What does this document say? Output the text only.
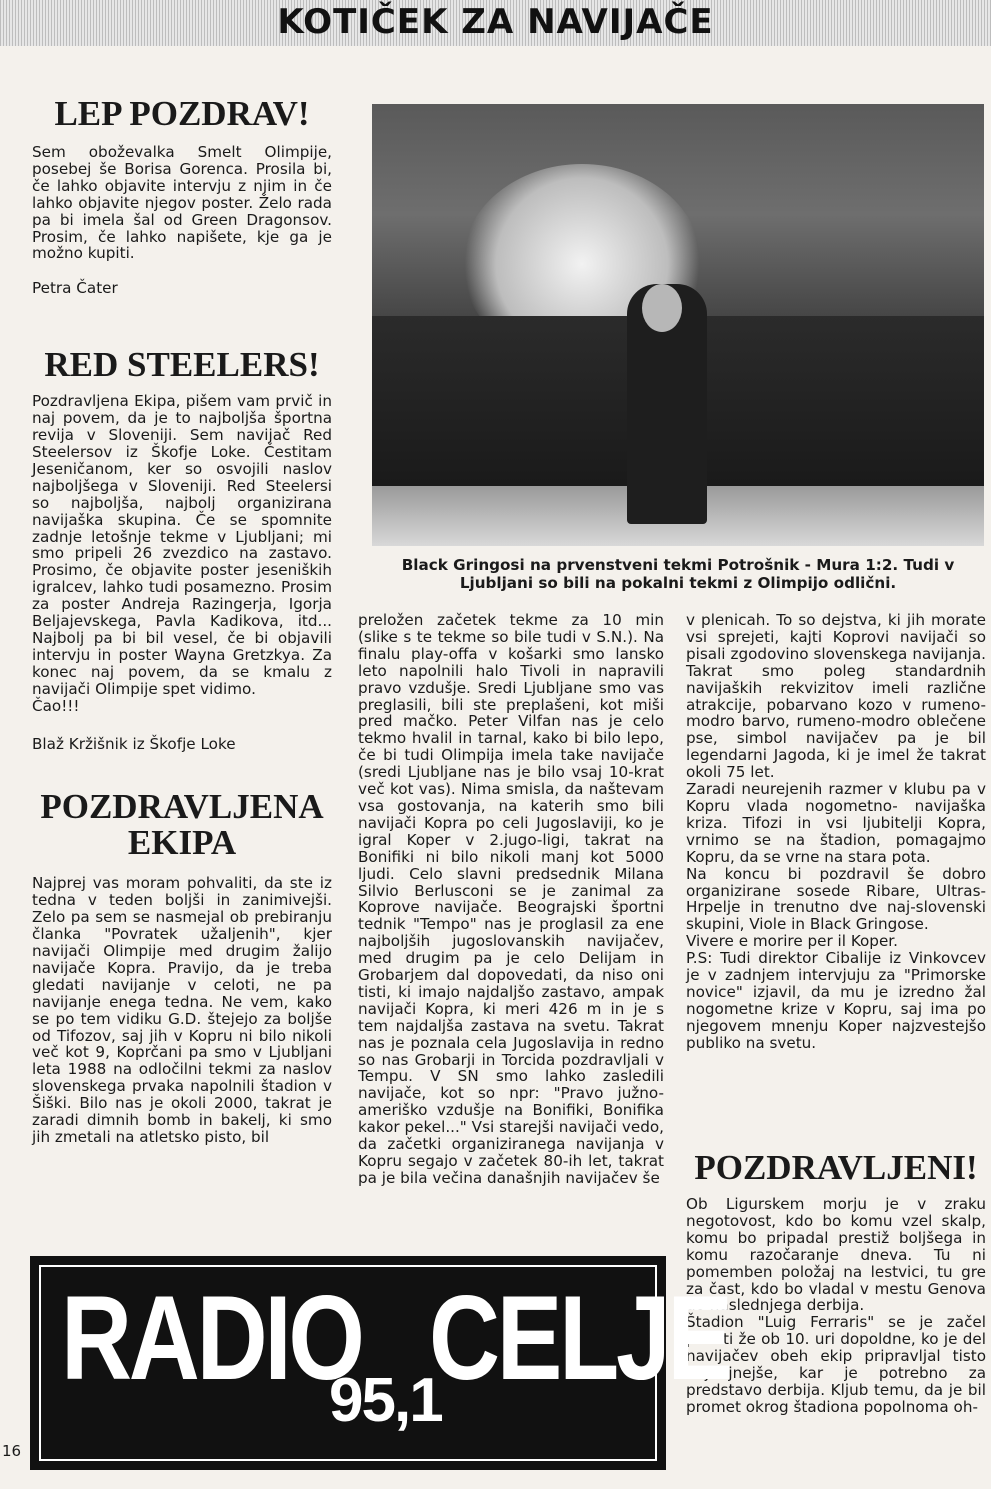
KOTIČEK ZA NAVIJAČE
LEP POZDRAV!

Sem oboževalka Smelt Olimpije, posebej še Borisa Gorenca. Prosila bi, če lahko objavite intervju z njim in če lahko objavite njegov poster. Želo rada pa bi imela šal od Green Dragonsov. Prosim, če lahko napišete, kje ga je možno kupiti.

Petra Čater

RED STEELERS!

Pozdravljena Ekipa, pišem vam prvič in naj povem, da je to najboljša športna revija v Sloveniji. Sem navijač Red Steelersov iz Škofje Loke. Čestitam Jeseničanom, ker so osvojili naslov najboljšega v Sloveniji. Red Steelersi so najboljša, najbolj organizirana navijaška skupina. Če se spomnite zadnje letošnje tekme v Ljubljani; mi smo pripeli 26 zvezdico na zastavo. Prosimo, če objavite poster jeseniških igralcev, lahko tudi posamezno. Prosim za poster Andreja Razingerja, Igorja Beljajevskega, Pavla Kadikova, itd... Najbolj pa bi bil vesel, če bi objavili intervju in poster Wayna Gretzkya. Za konec naj povem, da se kmalu z navijači Olimpije spet vidimo.

Čao!!!

Blaž Kržišnik iz Škofje Loke

POZDRAVLJENA
EKIPA

Najprej vas moram pohvaliti, da ste iz tedna v teden boljši in zanimivejši. Zelo pa sem se nasmejal ob prebiranju članka "Povratek užaljenih", kjer navijači Olimpije med drugim žalijo navijače Kopra. Pravijo, da je treba gledati navijanje v celoti, ne pa navijanje enega tedna. Ne vem, kako se po tem vidiku G.D. štejejo za boljše od Tifozov, saj jih v Kopru ni bilo nikoli več kot 9, Koprčani pa smo v Ljubljani leta 1988 na odločilni tekmi za naslov slovenskega prvaka napolnili štadion v Šiški. Bilo nas je okoli 2000, takrat je zaradi dimnih bomb in bakelj, ki smo jih zmetali na atletsko pisto, bil

Black Gringosi na prvenstveni tekmi Potrošnik - Mura 1:2. Tudi v Ljubljani so bili na pokalni tekmi z Olimpijo odlični.

preložen začetek tekme za 10 min (slike s te tekme so bile tudi v S.N.). Na finalu play-offa v košarki smo lansko leto napolnili halo Tivoli in napravili pravo vzdušje. Sredi Ljubljane smo vas preglasili, bili ste preplašeni, kot miši pred mačko. Peter Vilfan nas je celo tekmo hvalil in tarnal, kako bi bilo lepo, če bi tudi Olimpija imela take navijače (sredi Ljubljane nas je bilo vsaj 10-krat več kot vas). Nima smisla, da naštevam vsa gostovanja, na katerih smo bili navijači Kopra po celi Jugoslaviji, ko je igral Koper v 2.jugo-ligi, takrat na Bonifiki ni bilo nikoli manj kot 5000 ljudi. Celo slavni predsednik Milana Silvio Berlusconi se je zanimal za Koprove navijače. Beograjski športni tednik "Tempo" nas je proglasil za ene najboljših jugoslovanskih navijačev, med drugim pa je celo Delijam in Grobarjem dal dopovedati, da niso oni tisti, ki imajo najdaljšo zastavo, ampak navijači Kopra, ki meri 426 m in je s tem najdaljša zastava na svetu. Takrat nas je poznala cela Jugoslavija in redno so nas Grobarji in Torcida pozdravljali v Tempu. V SN smo lahko zasledili navijače, kot so npr: "Pravo južno-ameriško vzdušje na Bonifiki, Bonifika kakor pekel..." Vsi starejši navijači vedo, da začetki organiziranega navijanja v Kopru segajo v začetek 80-ih let, takrat pa je bila večina današnjih navijačev še

v plenicah. To so dejstva, ki jih morate vsi sprejeti, kajti Koprovi navijači so pisali zgodovino slovenskega navijanja. Takrat smo poleg standardnih navijaških rekvizitov imeli različne atrakcije, pobarvano kozo v rumeno-modro barvo, rumeno-modro oblečene pse, simbol navijačev pa je bil legendarni Jagoda, ki je imel že takrat okoli 75 let.

Zaradi neurejenih razmer v klubu pa v Kopru vlada nogometno- navijaška kriza. Tifozi in vsi ljubitelji Kopra, vrnimo se na štadion, pomagajmo Kopru, da se vrne na stara pota.

Na koncu bi pozdravil še dobro organizirane sosede Ribare, Ultras-Hrpelje in trenutno dve naj-slovenski skupini, Viole in Black Gringose.

Vivere e morire per il Koper.

P.S: Tudi direktor Cibalije iz Vinkovcev je v zadnjem intervjuju za "Primorske novice" izjavil, da mu je izredno žal nogometne krize v Kopru, saj ima po njegovem mnenju Koper najzvestejšo publiko na svetu.

POZDRAVLJENI!

Ob Ligurskem morju je v zraku negotovost, kdo bo komu vzel skalp, komu bo pripadal prestiž boljšega in komu razočaranje dneva. Tu ni pomemben položaj na lestvici, tu gre za čast, kdo bo vladal v mestu Genova do naslednjega derbija.

Štadion "Luig Ferraris" se je začel polniti že ob 10. uri dopoldne, ko je del navijačev obeh ekip pripravljal tisto najnujnejše, kar je potrebno za predstavo derbija. Kljub temu, da je bil promet okrog štadiona popolnoma oh-

RADIO
95,1
CELJE
16
